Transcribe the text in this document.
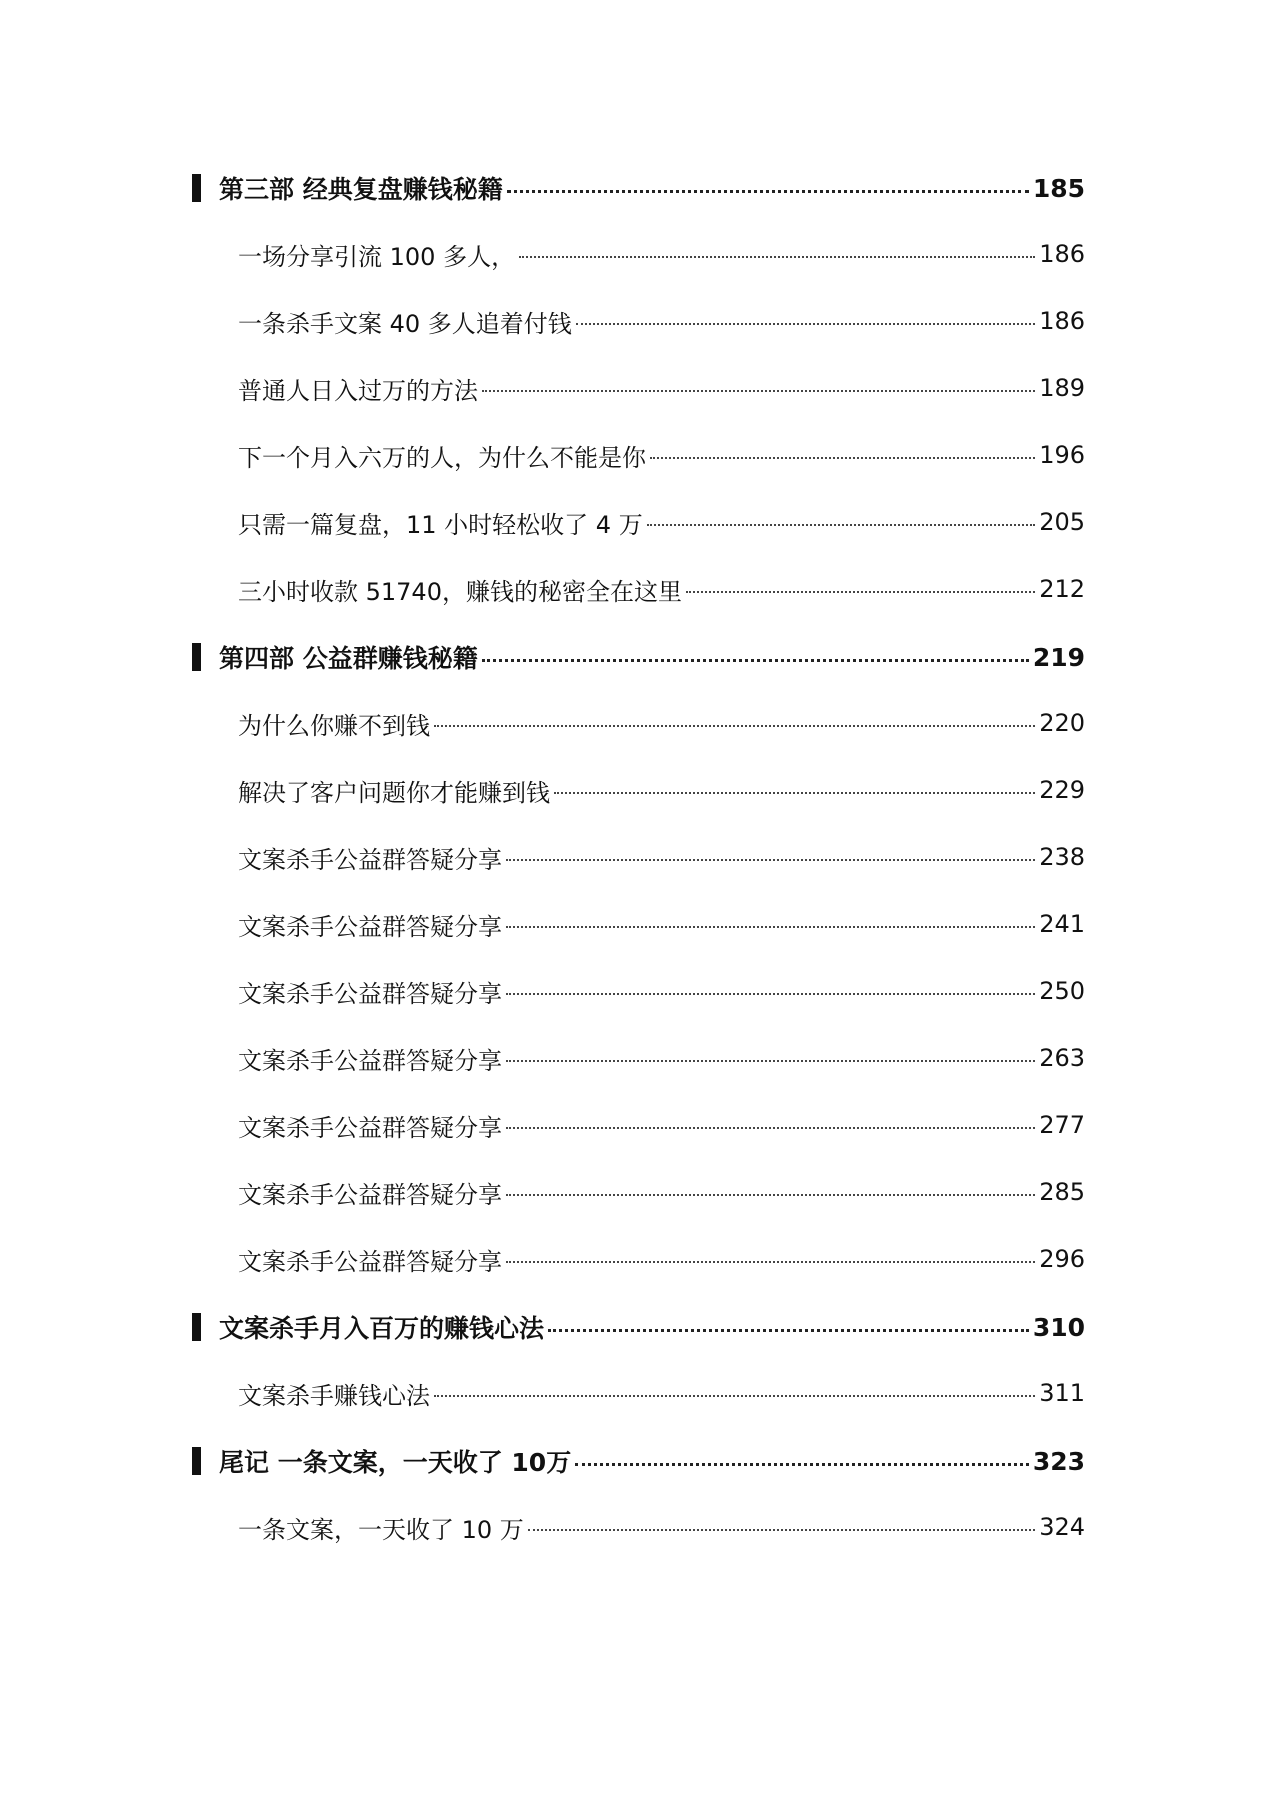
第三部 经典复盘赚钱秘籍	185
一场分享引流 100 多人，	186
一条杀手文案 40 多人追着付钱	186
普通人日入过万的方法	189
下一个月入六万的人，为什么不能是你	196
只需一篇复盘，11 小时轻松收了 4 万	205
三小时收款 51740，赚钱的秘密全在这里	212
第四部 公益群赚钱秘籍	219
为什么你赚不到钱	220
解决了客户问题你才能赚到钱	229
文案杀手公益群答疑分享	238
文案杀手公益群答疑分享	241
文案杀手公益群答疑分享	250
文案杀手公益群答疑分享	263
文案杀手公益群答疑分享	277
文案杀手公益群答疑分享	285
文案杀手公益群答疑分享	296
文案杀手月入百万的赚钱心法	310
文案杀手赚钱心法	311
尾记 一条文案，一天收了 10万	323
一条文案，一天收了 10 万	324
